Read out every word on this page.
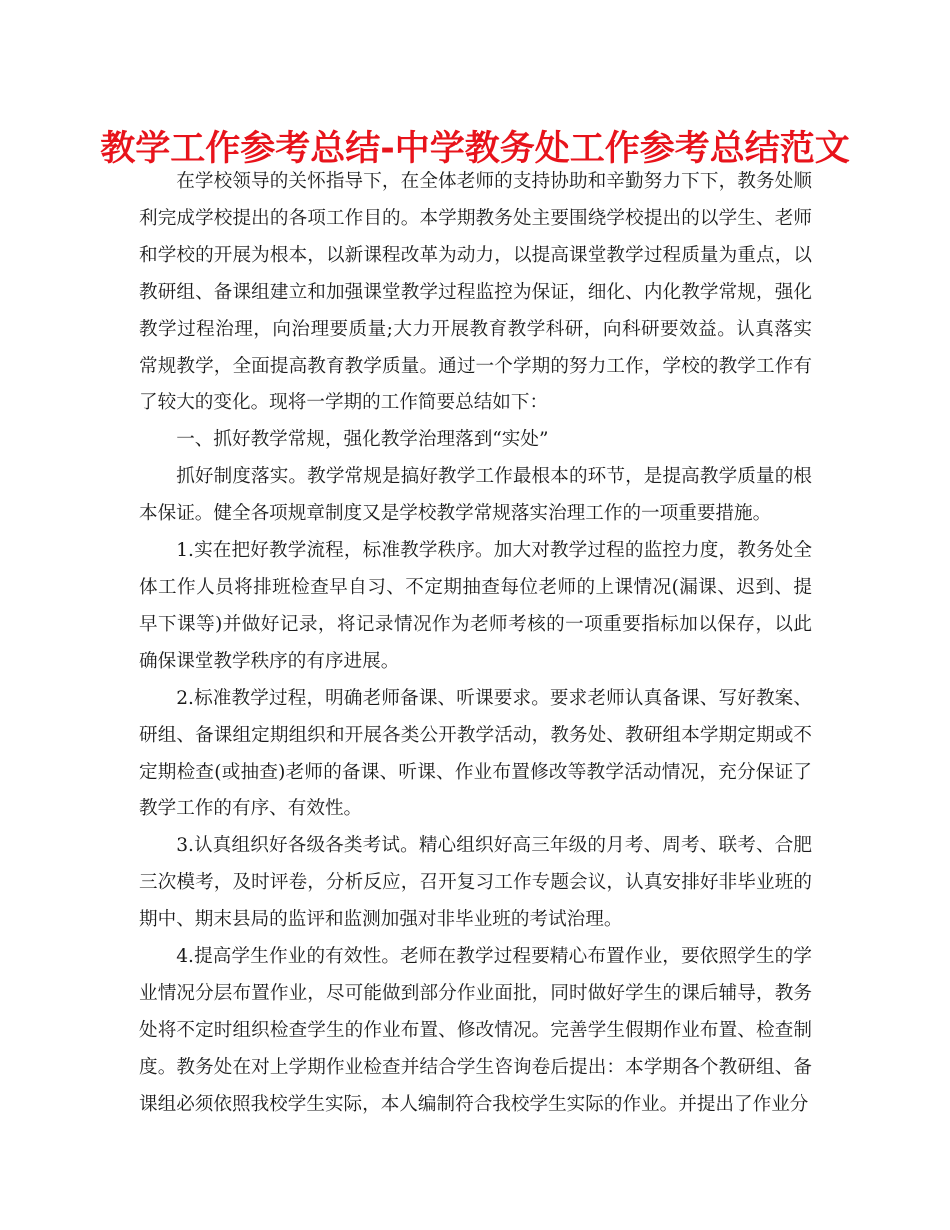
教学工作参考总结-中学教务处工作参考总结范文

在学校领导的关怀指导下，在全体老师的支持协助和辛勤努力下下，教务处顺利完成学校提出的各项工作目的。本学期教务处主要围绕学校提出的以学生、老师和学校的开展为根本，以新课程改革为动力，以提高课堂教学过程质量为重点，以教研组、备课组建立和加强课堂教学过程监控为保证，细化、内化教学常规，强化教学过程治理，向治理要质量;大力开展教育教学科研，向科研要效益。认真落实常规教学，全面提高教育教学质量。通过一个学期的努力工作，学校的教学工作有了较大的变化。现将一学期的工作简要总结如下：

一、抓好教学常规，强化教学治理落到“实处”

抓好制度落实。教学常规是搞好教学工作最根本的环节，是提高教学质量的根本保证。健全各项规章制度又是学校教学常规落实治理工作的一项重要措施。

1.实在把好教学流程，标准教学秩序。加大对教学过程的监控力度，教务处全体工作人员将排班检查早自习、不定期抽查每位老师的上课情况(漏课、迟到、提早下课等)并做好记录，将记录情况作为老师考核的一项重要指标加以保存，以此确保课堂教学秩序的有序进展。

2.标准教学过程，明确老师备课、听课要求。要求老师认真备课、写好教案、研组、备课组定期组织和开展各类公开教学活动，教务处、教研组本学期定期或不定期检查(或抽查)老师的备课、听课、作业布置修改等教学活动情况，充分保证了教学工作的有序、有效性。

3.认真组织好各级各类考试。精心组织好高三年级的月考、周考、联考、合肥三次模考，及时评卷，分析反应，召开复习工作专题会议，认真安排好非毕业班的期中、期末县局的监评和监测加强对非毕业班的考试治理。

4.提高学生作业的有效性。老师在教学过程要精心布置作业，要依照学生的学业情况分层布置作业，尽可能做到部分作业面批，同时做好学生的课后辅导，教务处将不定时组织检查学生的作业布置、修改情况。完善学生假期作业布置、检查制度。教务处在对上学期作业检查并结合学生咨询卷后提出：本学期各个教研组、备课组必须依照我校学生实际，本人编制符合我校学生实际的作业。并提出了作业分
